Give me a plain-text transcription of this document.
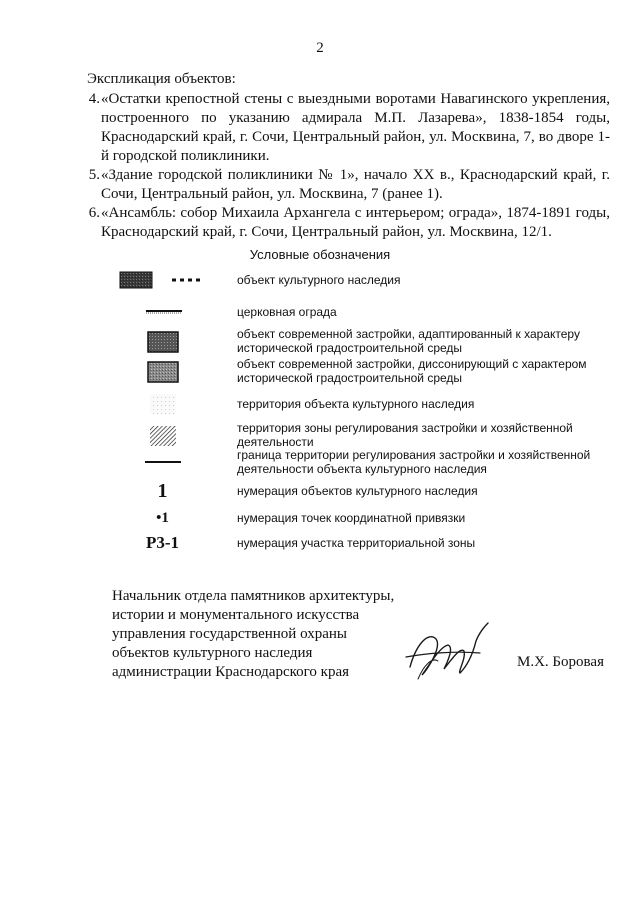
2
Экспликация объектов:
4. «Остатки крепостной стены с выездными воротами Навагинского укрепления, построенного по указанию адмирала М.П. Лазарева», 1838-1854 годы, Краснодарский край, г. Сочи, Центральный район, ул. Москвина, 7, во дворе 1-й городской поликлиники.
5. «Здание городской поликлиники № 1», начало XX в., Краснодарский край, г. Сочи, Центральный район, ул. Москвина, 7 (ранее 1).
6. «Ансамбль: собор Михаила Архангела с интерьером; ограда», 1874-1891 годы, Краснодарский край, г. Сочи, Центральный район, ул. Москвина, 12/1.
Условные обозначения
объект культурного наследия
церковная ограда
объект современной застройки, адаптированный к характеру исторической градостроительной среды
объект современной застройки, диссонирующий с характером исторической градостроительной среды
территория объекта культурного наследия
территория зоны регулирования застройки и хозяйственной деятельности
граница территории регулирования застройки и хозяйственной деятельности объекта культурного наследия
1	нумерация объектов культурного наследия
•1	нумерация точек координатной привязки
Р3-1	нумерация участка территориальной зоны
Начальник отдела памятников архитектуры,
истории и монументального искусства
управления государственной охраны
объектов культурного наследия
администрации Краснодарского края
М.Х. Боровая
